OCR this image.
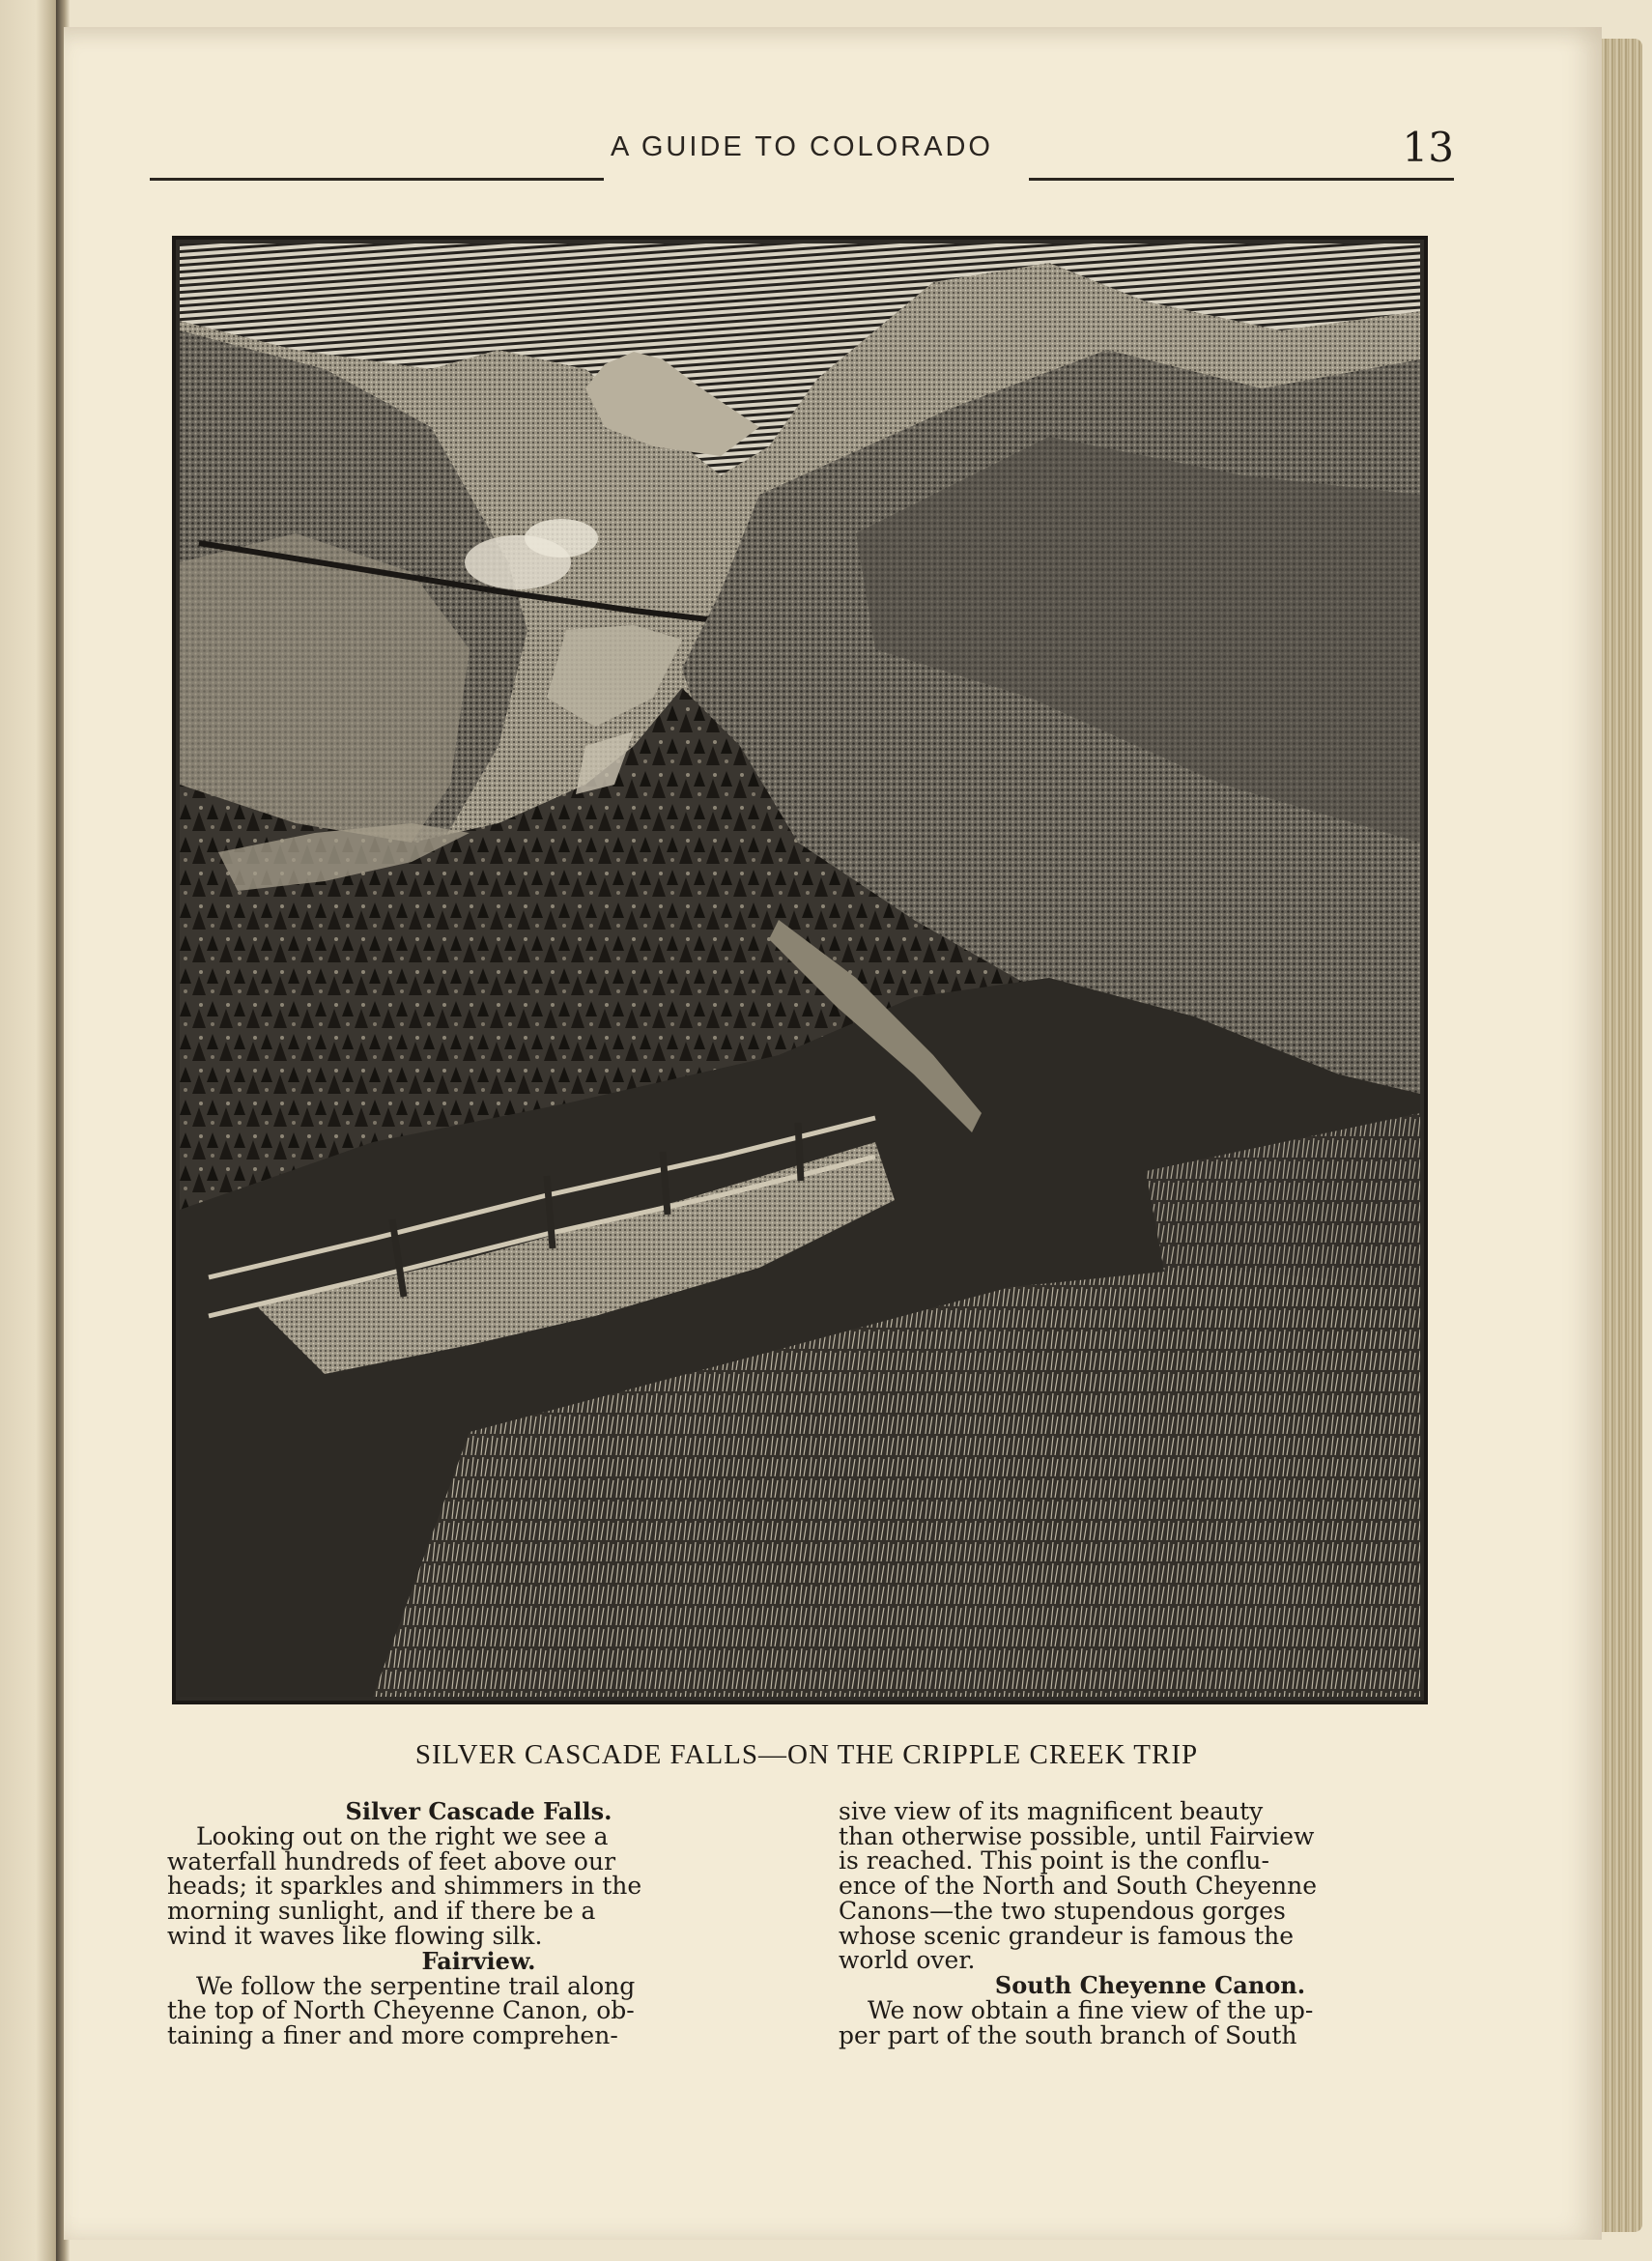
A GUIDE TO COLORADO	13
SILVER CASCADE FALLS—ON THE CRIPPLE CREEK TRIP
Silver Cascade Falls.

Looking out on the right we see a

waterfall hundreds of feet above our

heads; it sparkles and shimmers in the

morning sunlight, and if there be a

wind it waves like flowing silk.

Fairview.

We follow the serpentine trail along

the top of North Cheyenne Canon, ob-

taining a finer and more comprehen-

sive view of its magnificent beauty

than otherwise possible, until Fairview

is reached. This point is the conflu-

ence of the North and South Cheyenne

Canons—the two stupendous gorges

whose scenic grandeur is famous the

world over.

South Cheyenne Canon.

We now obtain a fine view of the up-

per part of the south branch of South
